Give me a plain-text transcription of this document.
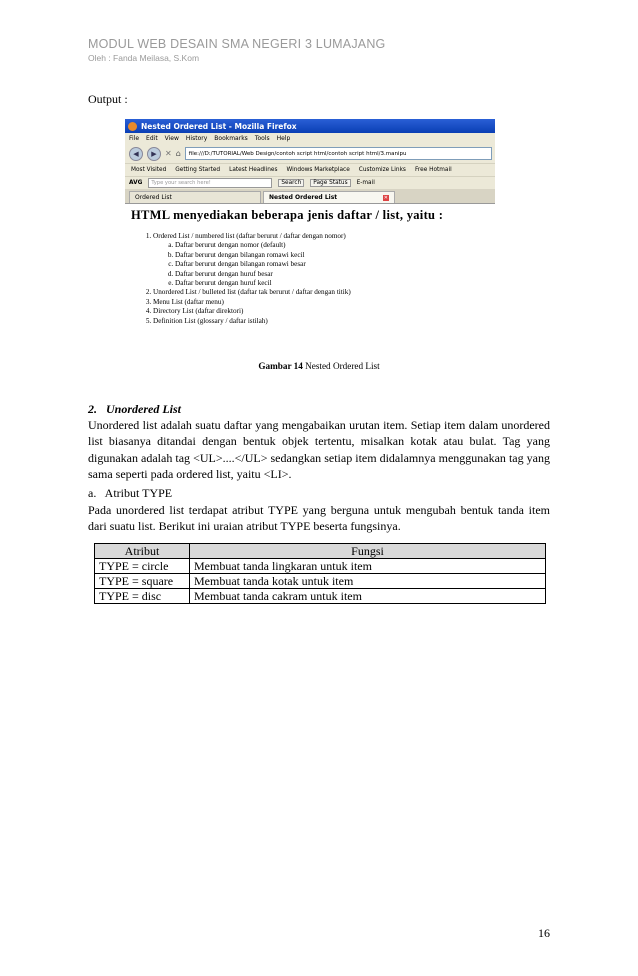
MODUL WEB DESAIN SMA NEGERI 3 LUMAJANG
Oleh : Fanda Meilasa, S.Kom
Output :
Nested Ordered List - Mozilla Firefox
File Edit View History Bookmarks Tools Help
◀	▶	✕ ⌂	file:///D:/TUTORIAL/Web Design/contoh script html/contoh script html/3.manipu
Most Visited Getting Started Latest Headlines Windows Marketplace Customize Links Free Hotmail
AVG	Type your search here!	Search	Page Status	E-mail
Ordered List	Nested Ordered List	✕
HTML menyediakan beberapa jenis daftar / list, yaitu :
1. Ordered List / numbered list (daftar berurut / daftar dengan nomor)
a. Daftar berurut dengan nomor (default)
b. Daftar berurut dengan bilangan romawi kecil
c. Daftar berurut dengan bilangan romawi besar
d. Daftar berurut dengan huruf besar
e. Daftar berurut dengan huruf kecil
2. Unordered List / bulleted list (daftar tak berurut / daftar dengan titik)
3. Menu List (daftar menu)
4. Directory List (daftar direktori)
5. Definition List (glossary / daftar istilah)
Gambar 14 Nested Ordered List
2. Unordered List
Unordered list adalah suatu daftar yang mengabaikan urutan item. Setiap item dalam unordered list biasanya ditandai dengan bentuk objek tertentu, misalkan kotak atau bulat. Tag yang digunakan adalah tag <UL>....</UL> sedangkan setiap item didalamnya menggunakan tag yang sama seperti pada ordered list, yaitu <LI>.
a.   Atribut TYPE
Pada unordered list terdapat atribut TYPE yang berguna untuk mengubah bentuk tanda item dari suatu list. Berikut ini uraian atribut TYPE beserta fungsinya.
Atribut	Fungsi
TYPE = circle	Membuat tanda lingkaran untuk item
TYPE = square	Membuat tanda kotak untuk item
TYPE = disc	Membuat tanda cakram untuk item
16
